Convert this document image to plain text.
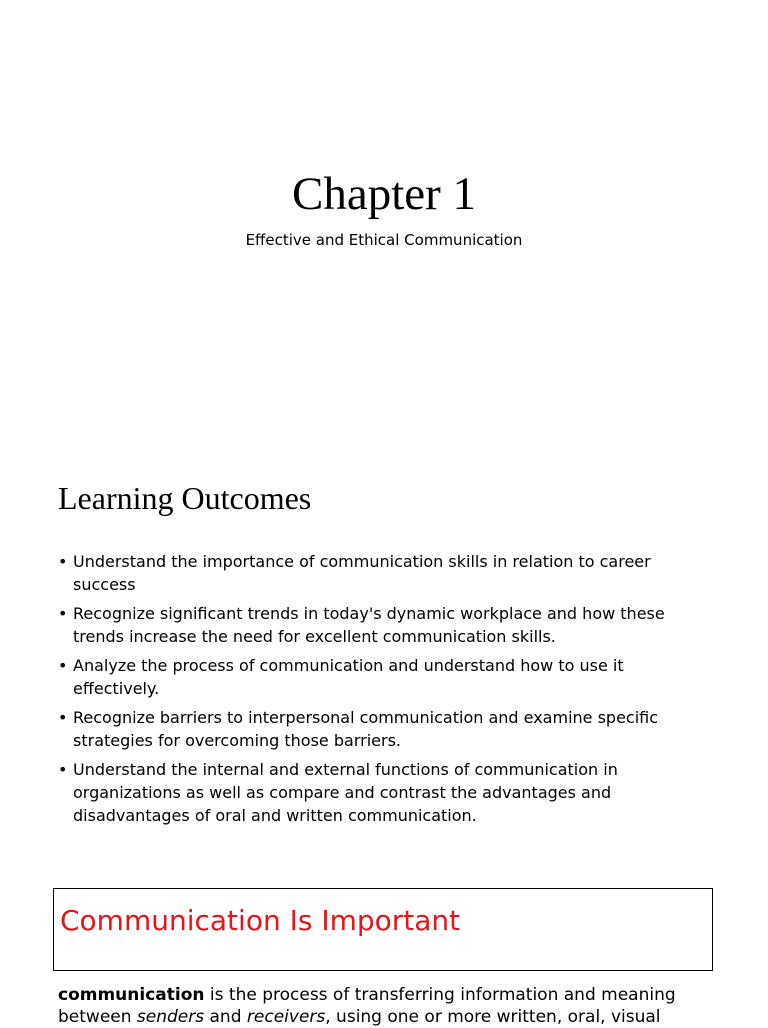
Chapter 1

Effective and Ethical Communication

Learning Outcomes
• Understand the importance of communication skills in relation to career
success
• Recognize significant trends in today's dynamic workplace and how these
trends increase the need for excellent communication skills.
• Analyze the process of communication and understand how to use it
effectively.
• Recognize barriers to interpersonal communication and examine specific
strategies for overcoming those barriers.
• Understand the internal and external functions of communication in
organizations as well as compare and contrast the advantages and
disadvantages of oral and written communication.
Communication Is Important

communication is the process of transferring information and meaning
between senders and receivers, using one or more written, oral, visual
